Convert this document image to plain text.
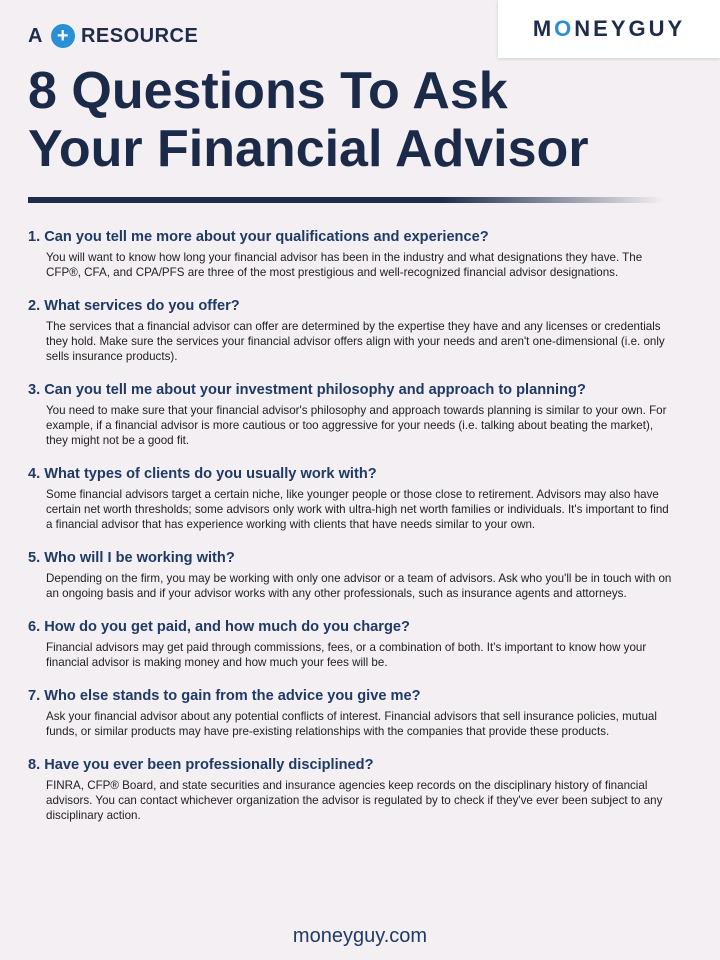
A + RESOURCE	MONEYGUY
8 Questions To Ask
Your Financial Advisor
1. Can you tell me more about your qualifications and experience?

You will want to know how long your financial advisor has been in the industry and what designations they have. The CFP®, CFA, and CPA/PFS are three of the most prestigious and well-recognized financial advisor designations.

2. What services do you offer?

The services that a financial advisor can offer are determined by the expertise they have and any licenses or credentials they hold. Make sure the services your financial advisor offers align with your needs and aren't one-dimensional (i.e. only sells insurance products).

3. Can you tell me about your investment philosophy and approach to planning?

You need to make sure that your financial advisor's philosophy and approach towards planning is similar to your own. For example, if a financial advisor is more cautious or too aggressive for your needs (i.e. talking about beating the market), they might not be a good fit.

4. What types of clients do you usually work with?

Some financial advisors target a certain niche, like younger people or those close to retirement. Advisors may also have certain net worth thresholds; some advisors only work with ultra-high net worth families or individuals. It's important to find a financial advisor that has experience working with clients that have needs similar to your own.

5. Who will I be working with?

Depending on the firm, you may be working with only one advisor or a team of advisors. Ask who you'll be in touch with on an ongoing basis and if your advisor works with any other professionals, such as insurance agents and attorneys.

6. How do you get paid, and how much do you charge?

Financial advisors may get paid through commissions, fees, or a combination of both. It's important to know how your financial advisor is making money and how much your fees will be.

7. Who else stands to gain from the advice you give me?

Ask your financial advisor about any potential conflicts of interest. Financial advisors that sell insurance policies, mutual funds, or similar products may have pre-existing relationships with the companies that provide these products.

8. Have you ever been professionally disciplined?

FINRA, CFP® Board, and state securities and insurance agencies keep records on the disciplinary history of financial advisors. You can contact whichever organization the advisor is regulated by to check if they've ever been subject to any disciplinary action.

moneyguy.com
